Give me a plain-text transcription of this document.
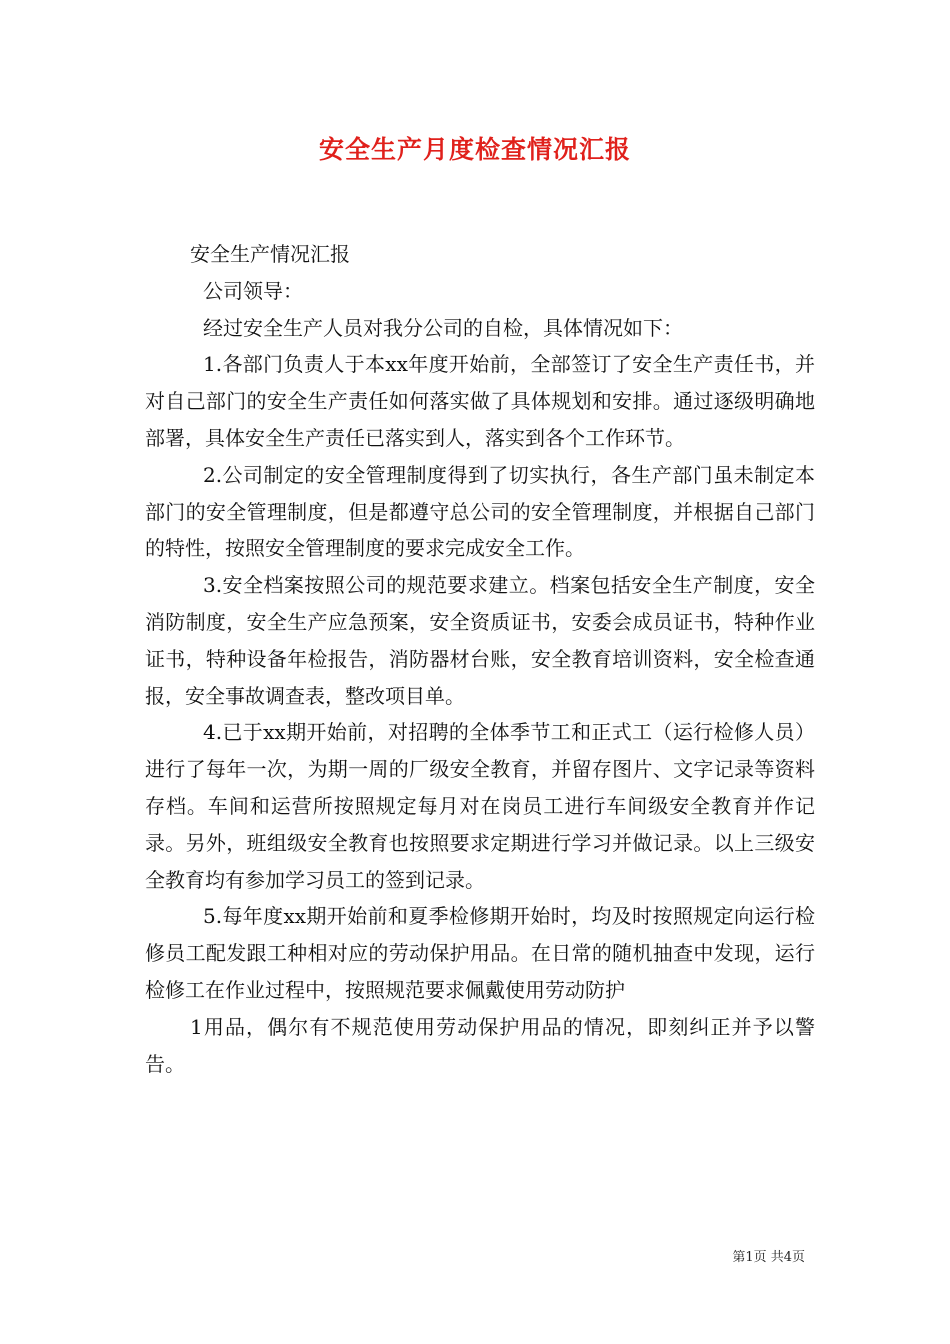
安全生产月度检查情况汇报

安全生产情况汇报

公司领导：

经过安全生产人员对我分公司的自检，具体情况如下：

1.各部门负责人于本xx年度开始前，全部签订了安全生产责任书，并对自己部门的安全生产责任如何落实做了具体规划和安排。通过逐级明确地部署，具体安全生产责任已落实到人，落实到各个工作环节。

2.公司制定的安全管理制度得到了切实执行，各生产部门虽未制定本部门的安全管理制度，但是都遵守总公司的安全管理制度，并根据自己部门的特性，按照安全管理制度的要求完成安全工作。

3.安全档案按照公司的规范要求建立。档案包括安全生产制度，安全消防制度，安全生产应急预案，安全资质证书，安委会成员证书，特种作业证书，特种设备年检报告，消防器材台账，安全教育培训资料，安全检查通报，安全事故调查表，整改项目单。

4.已于xx期开始前，对招聘的全体季节工和正式工（运行检修人员）进行了每年一次，为期一周的厂级安全教育，并留存图片、文字记录等资料存档。车间和运营所按照规定每月对在岗员工进行车间级安全教育并作记录。另外，班组级安全教育也按照要求定期进行学习并做记录。以上三级安全教育均有参加学习员工的签到记录。

5.每年度xx期开始前和夏季检修期开始时，均及时按照规定向运行检修员工配发跟工种相对应的劳动保护用品。在日常的随机抽查中发现，运行检修工在作业过程中，按照规范要求佩戴使用劳动防护

1用品，偶尔有不规范使用劳动保护用品的情况，即刻纠正并予以警告。

第1页 共4页
